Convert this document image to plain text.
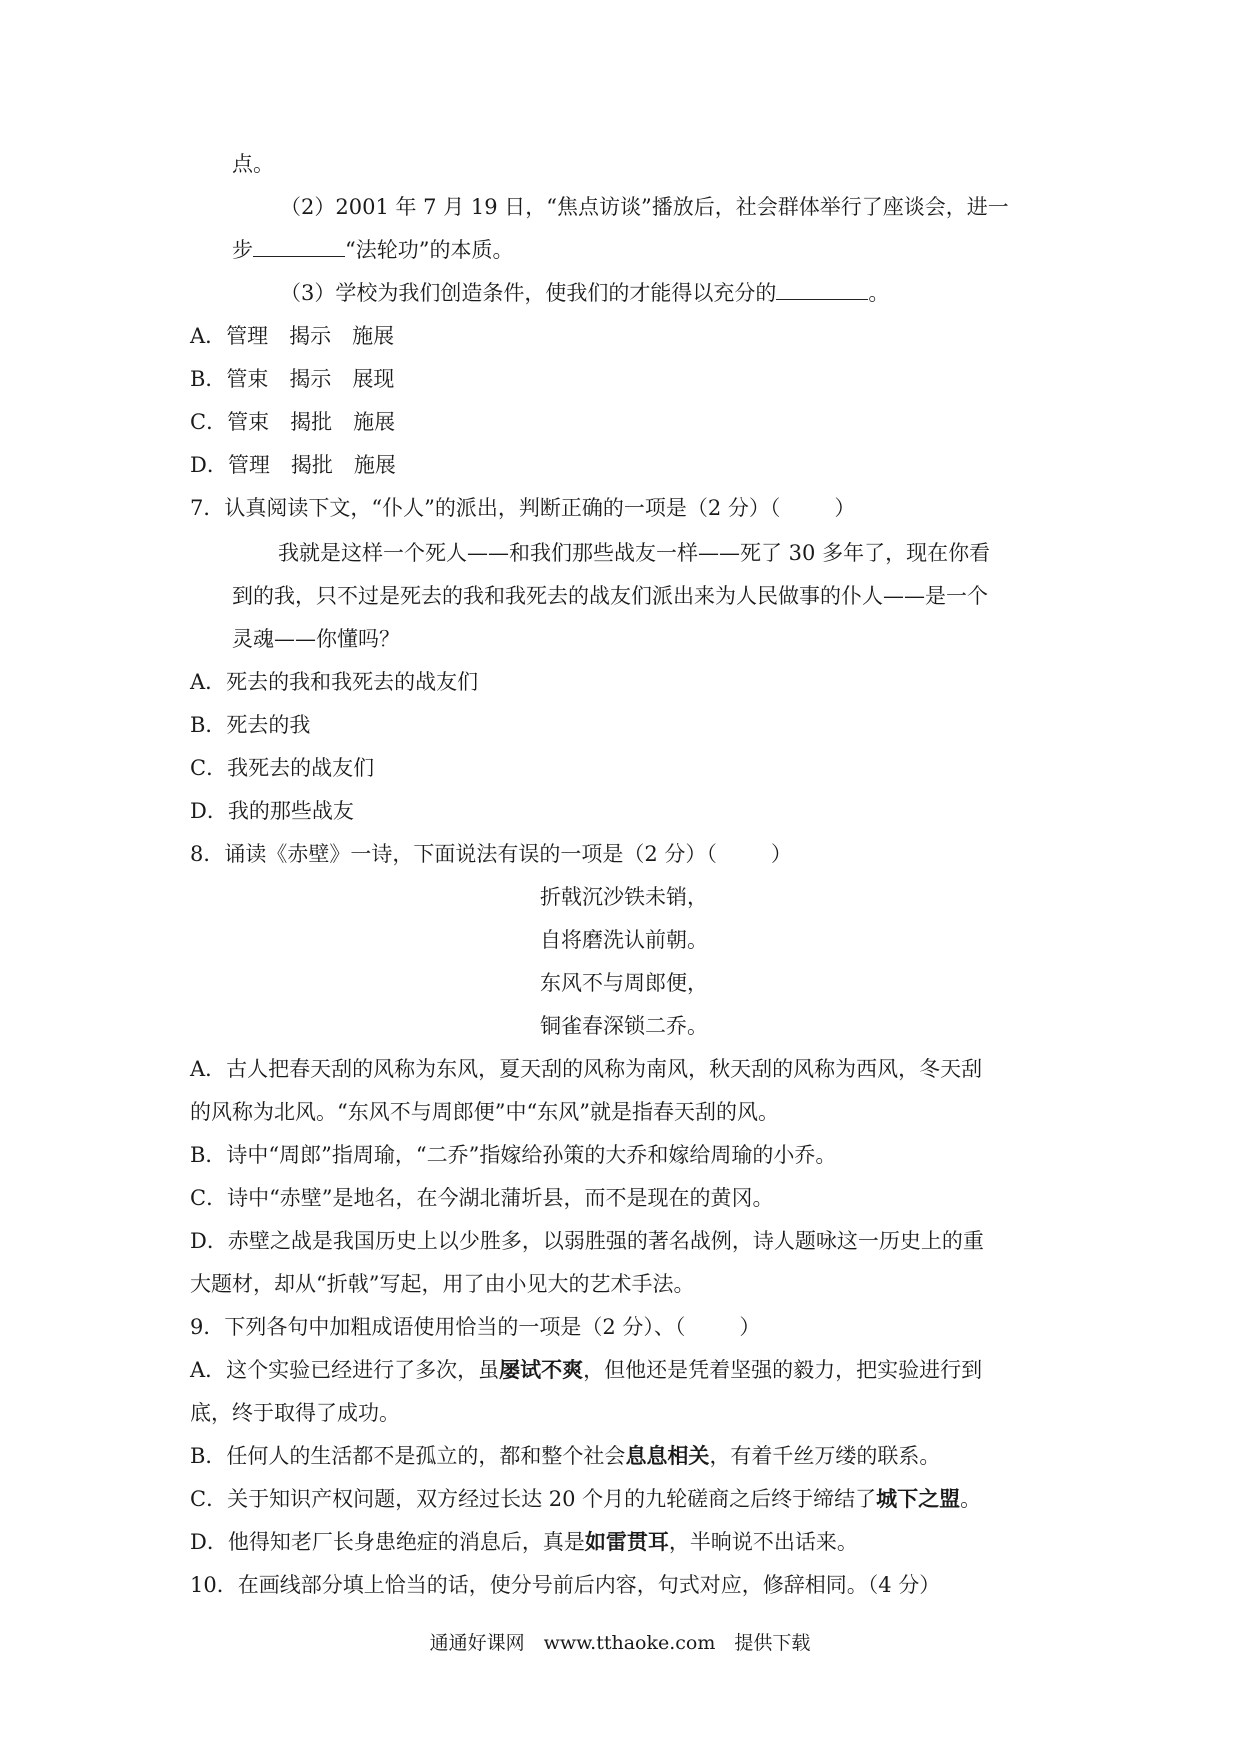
点。
（2）2001 年 7 月 19 日，“焦点访谈”播放后，社会群体举行了座谈会，进一
步	“法轮功”的本质。
（3）学校为我们创造条件，使我们的才能得以充分的	。
A．管理　揭示　施展
B．管束　揭示　展现
C．管束　揭批　施展
D．管理　揭批　施展
7．认真阅读下文，“仆人”的派出，判断正确的一项是（2 分）（	）
我就是这样一个死人——和我们那些战友一样——死了 30 多年了，现在你看
到的我，只不过是死去的我和我死去的战友们派出来为人民做事的仆人——是一个
灵魂——你懂吗？
A．死去的我和我死去的战友们
B．死去的我
C．我死去的战友们
D．我的那些战友
8．诵读《赤壁》一诗，下面说法有误的一项是（2 分）（	）
折戟沉沙铁未销，
自将磨洗认前朝。
东风不与周郎便，
铜雀春深锁二乔。
A．古人把春天刮的风称为东风，夏天刮的风称为南风，秋天刮的风称为西风，冬天刮
的风称为北风。“东风不与周郎便”中“东风”就是指春天刮的风。
B．诗中“周郎”指周瑜，“二乔”指嫁给孙策的大乔和嫁给周瑜的小乔。
C．诗中“赤壁”是地名，在今湖北蒲圻县，而不是现在的黄冈。
D．赤壁之战是我国历史上以少胜多，以弱胜强的著名战例，诗人题咏这一历史上的重
大题材，却从“折戟”写起，用了由小见大的艺术手法。
9．下列各句中加粗成语使用恰当的一项是（2 分）、（	）
A．这个实验已经进行了多次，虽屡试不爽，但他还是凭着坚强的毅力，把实验进行到
底，终于取得了成功。
B．任何人的生活都不是孤立的，都和整个社会息息相关，有着千丝万缕的联系。
C．关于知识产权问题，双方经过长达 20 个月的九轮磋商之后终于缔结了城下之盟。
D．他得知老厂长身患绝症的消息后，真是如雷贯耳，半晌说不出话来。
10．在画线部分填上恰当的话，使分号前后内容，句式对应，修辞相同。（4 分）
通通好课网　www.tthaoke.com　提供下载
